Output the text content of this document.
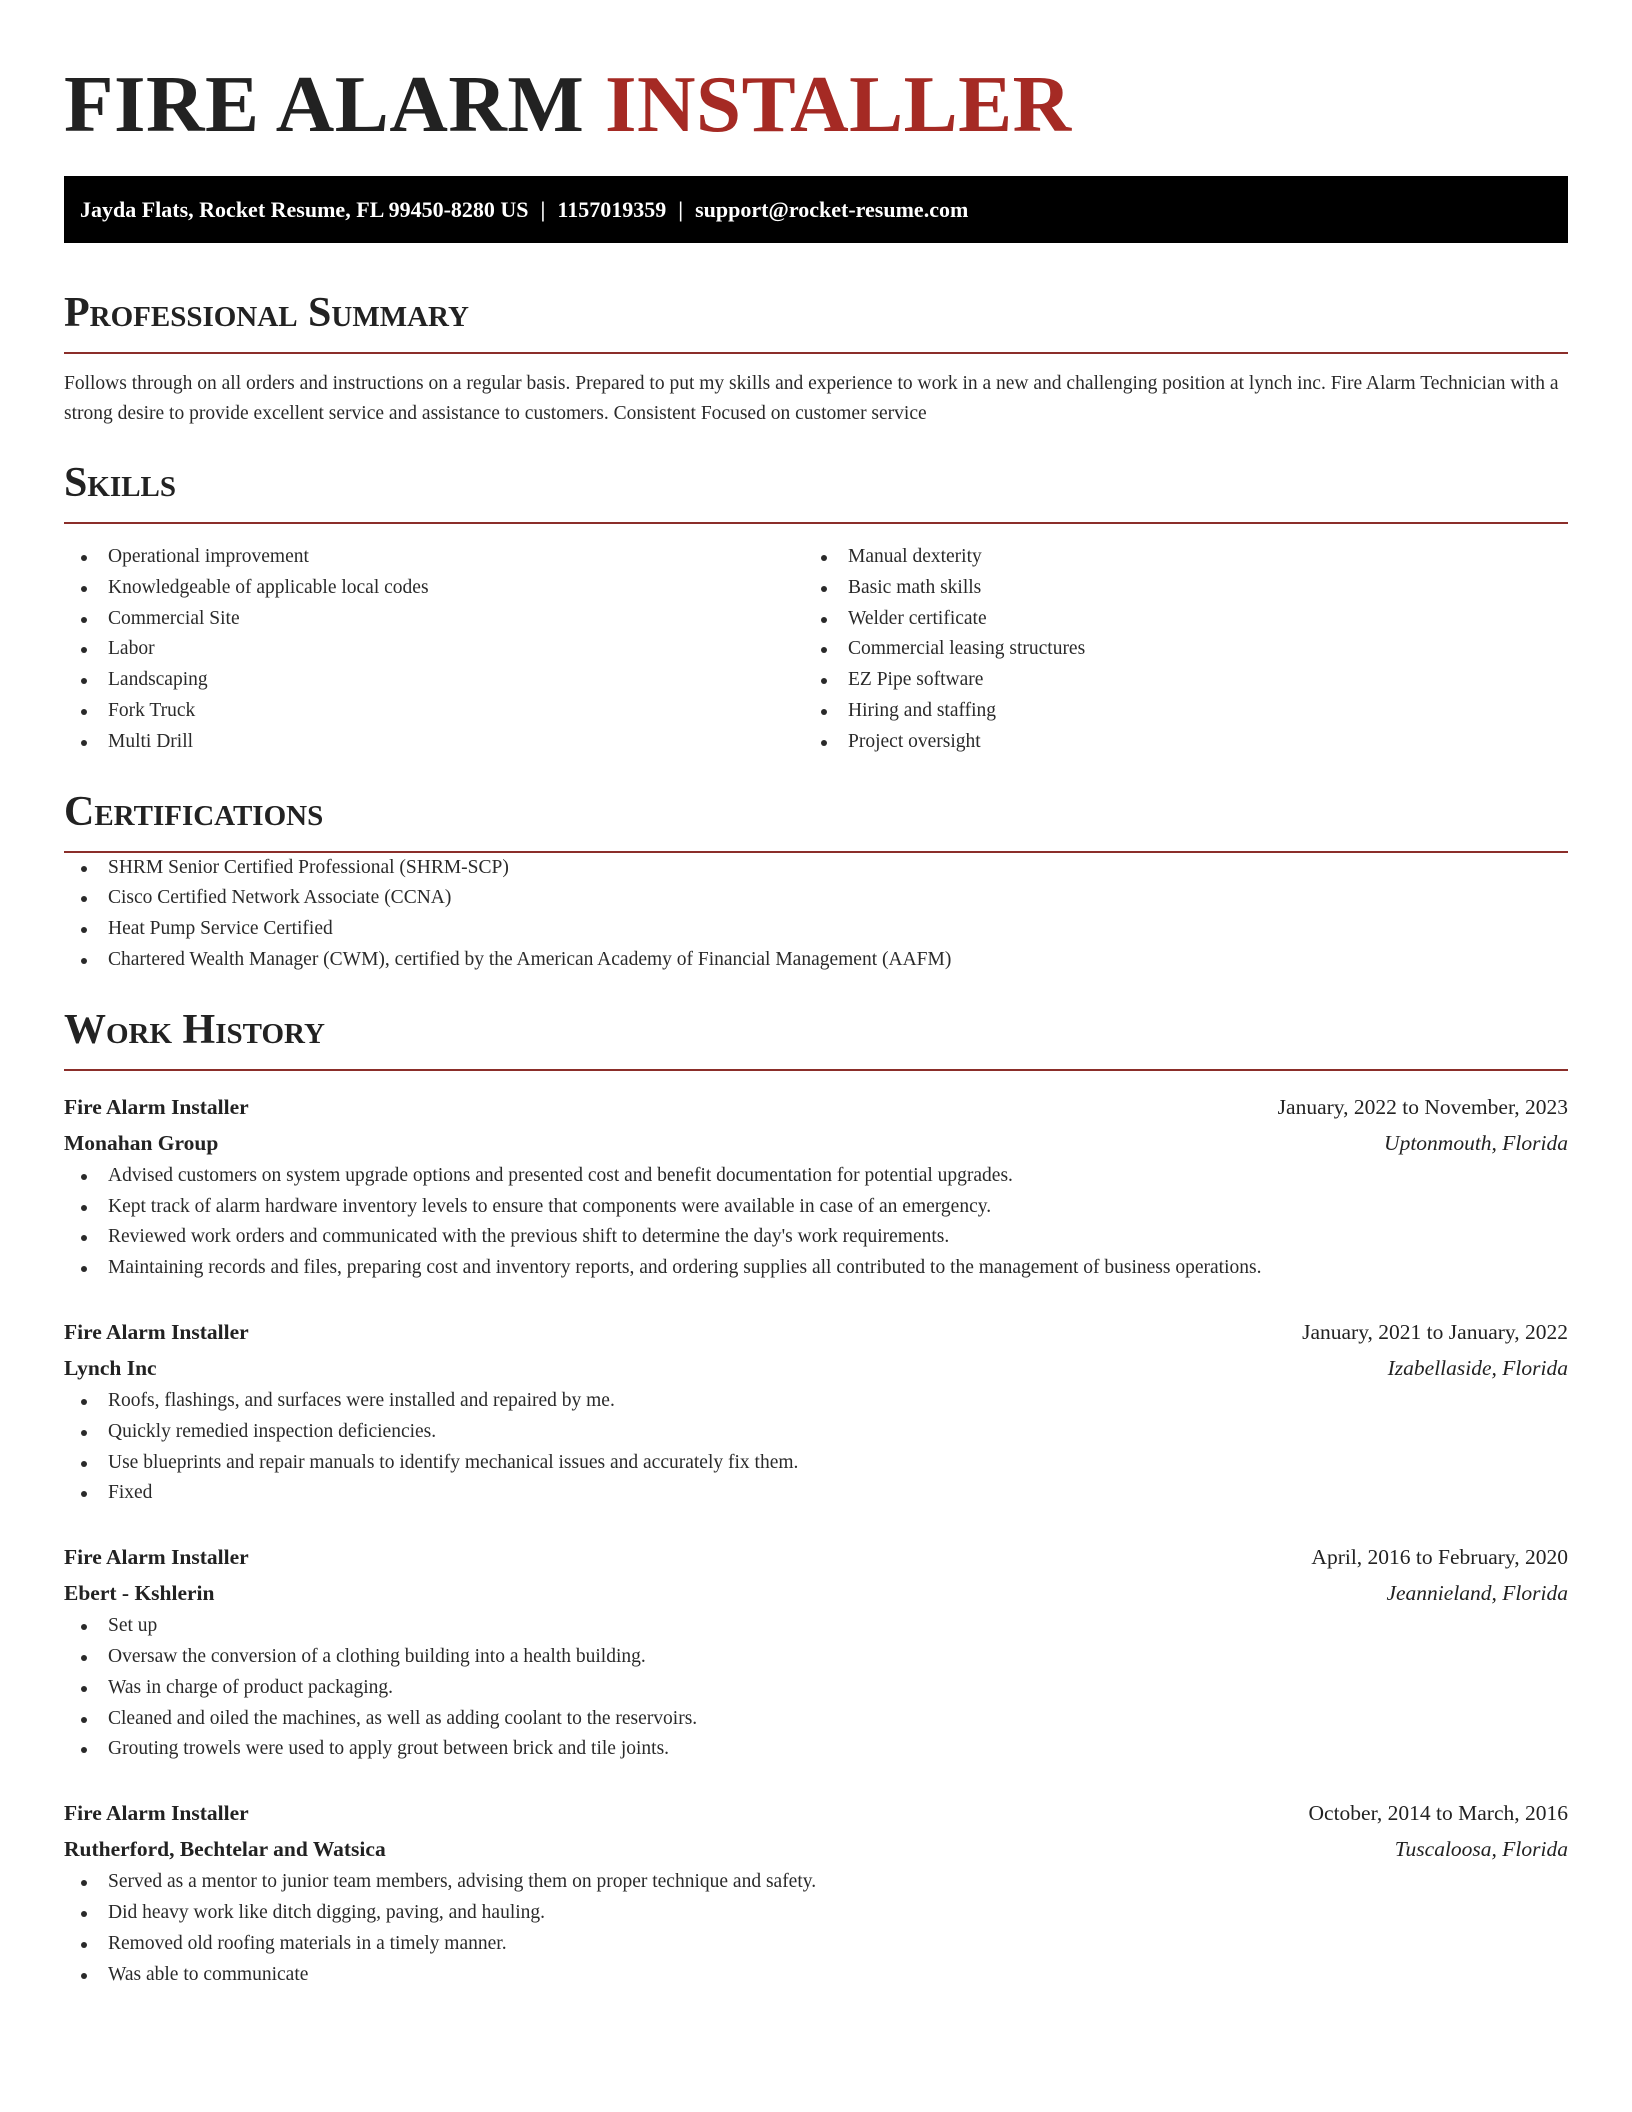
FIRE ALARM INSTALLER
Jayda Flats, Rocket Resume, FL 99450-8280 US | 1157019359 | support@rocket-resume.com
Professional Summary

Follows through on all orders and instructions on a regular basis. Prepared to put my skills and experience to work in a new and challenging position at lynch inc. Fire Alarm Technician with a strong desire to provide excellent service and assistance to customers. Consistent Focused on customer service

Skills
Operational improvement
Knowledgeable of applicable local codes
Commercial Site
Labor
Landscaping
Fork Truck
Multi Drill
Manual dexterity
Basic math skills
Welder certificate
Commercial leasing structures
EZ Pipe software
Hiring and staffing
Project oversight
Certifications
SHRM Senior Certified Professional (SHRM-SCP)
Cisco Certified Network Associate (CCNA)
Heat Pump Service Certified
Chartered Wealth Manager (CWM), certified by the American Academy of Financial Management (AAFM)
Work History
Fire Alarm Installer	January, 2022 to November, 2023
Monahan Group	Uptonmouth, Florida
Advised customers on system upgrade options and presented cost and benefit documentation for potential upgrades.
Kept track of alarm hardware inventory levels to ensure that components were available in case of an emergency.
Reviewed work orders and communicated with the previous shift to determine the day's work requirements.
Maintaining records and files, preparing cost and inventory reports, and ordering supplies all contributed to the management of business operations.
Fire Alarm Installer	January, 2021 to January, 2022
Lynch Inc	Izabellaside, Florida
Roofs, flashings, and surfaces were installed and repaired by me.
Quickly remedied inspection deficiencies.
Use blueprints and repair manuals to identify mechanical issues and accurately fix them.
Fixed
Fire Alarm Installer	April, 2016 to February, 2020
Ebert - Kshlerin	Jeannieland, Florida
Set up
Oversaw the conversion of a clothing building into a health building.
Was in charge of product packaging.
Cleaned and oiled the machines, as well as adding coolant to the reservoirs.
Grouting trowels were used to apply grout between brick and tile joints.
Fire Alarm Installer	October, 2014 to March, 2016
Rutherford, Bechtelar and Watsica	Tuscaloosa, Florida
Served as a mentor to junior team members, advising them on proper technique and safety.
Did heavy work like ditch digging, paving, and hauling.
Removed old roofing materials in a timely manner.
Was able to communicate
